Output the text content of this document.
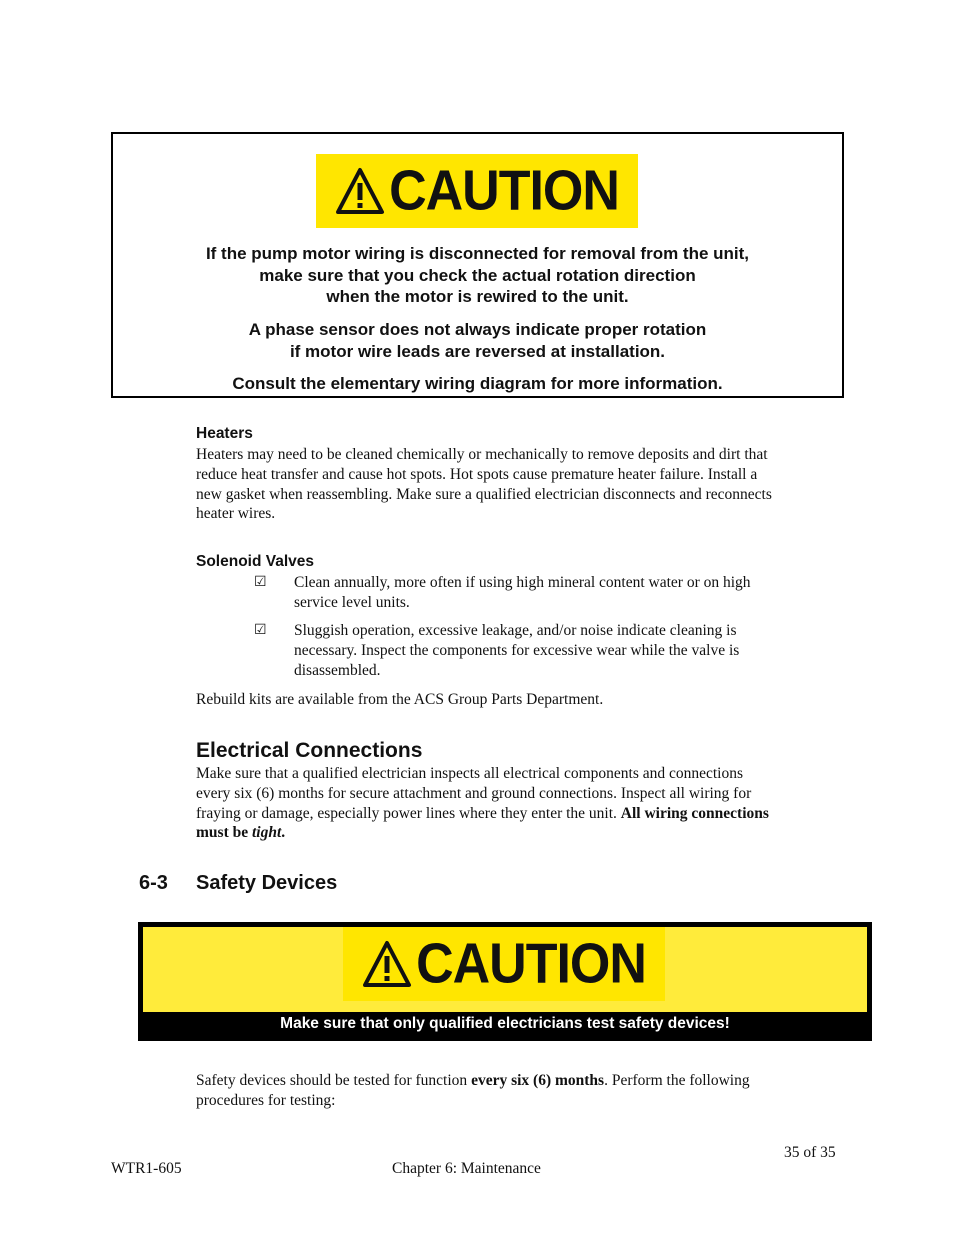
CAUTION
If the pump motor wiring is disconnected for removal from the unit,
make sure that you check the actual rotation direction
when the motor is rewired to the unit.
A phase sensor does not always indicate proper rotation
if motor wire leads are reversed at installation.
Consult the elementary wiring diagram for more information.
Heaters
Heaters may need to be cleaned chemically or mechanically to remove deposits and dirt that
reduce heat transfer and cause hot spots. Hot spots cause premature heater failure. Install a
new gasket when reassembling. Make sure a qualified electrician disconnects and reconnects
heater wires.
Solenoid Valves
☑ Clean annually, more often if using high mineral content water or on high
service level units.
☑ Sluggish operation, excessive leakage, and/or noise indicate cleaning is
necessary. Inspect the components for excessive wear while the valve is
disassembled.
Rebuild kits are available from the ACS Group Parts Department.
Electrical Connections
Make sure that a qualified electrician inspects all electrical components and connections
every six (6) months for secure attachment and ground connections. Inspect all wiring for
fraying or damage, especially power lines where they enter the unit. All wiring connections
must be tight.
6-3 Safety Devices
CAUTION
Make sure that only qualified electricians test safety devices!
Safety devices should be tested for function every six (6) months. Perform the following
procedures for testing:
35 of 35
WTR1-605	Chapter 6: Maintenance
